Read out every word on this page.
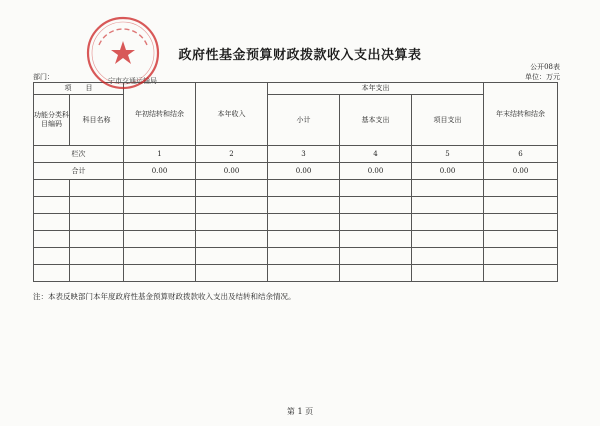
政府性基金预算财政拨款收入支出决算表
公开08表
部门：	宁市交通运输局	单位：万元
项　　目		年初结转和结余	本年收入	本年支出			年末结转和结余
功能分类科目编码	科目名称			小计	基本支出	项目支出	

栏次		1	2	3	4	5	6
合计		0.00	0.00	0.00	0.00	0.00	0.00

注：本表反映部门本年度政府性基金预算财政拨款收入支出及结转和结余情况。
第 1 页
